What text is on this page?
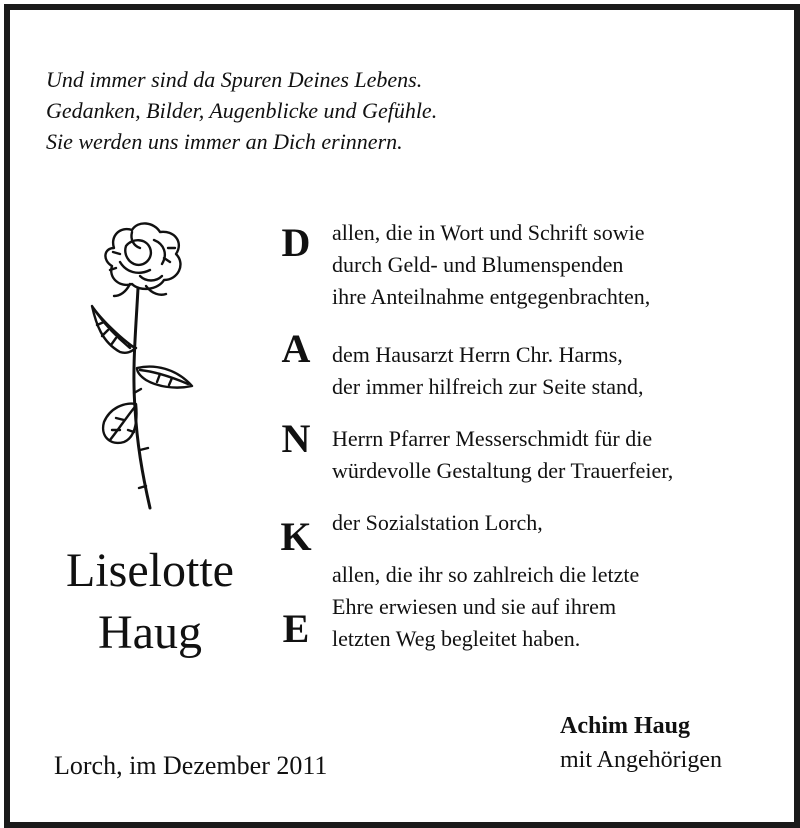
Und immer sind da Spuren Deines Lebens.
Gedanken, Bilder, Augenblicke und Gefühle.
Sie werden uns immer an Dich erinnern.
Liselotte
Haug
D
A
N
K
E
allen, die in Wort und Schrift sowie
durch Geld- und Blumenspenden
ihre Anteilnahme entgegenbrachten,
dem Hausarzt Herrn Chr. Harms,
der immer hilfreich zur Seite stand,
Herrn Pfarrer Messerschmidt für die
würdevolle Gestaltung der Trauerfeier,
der Sozialstation Lorch,
allen, die ihr so zahlreich die letzte
Ehre erwiesen und sie auf ihrem
letzten Weg begleitet haben.
Achim Haug
mit Angehörigen
Lorch, im Dezember 2011
